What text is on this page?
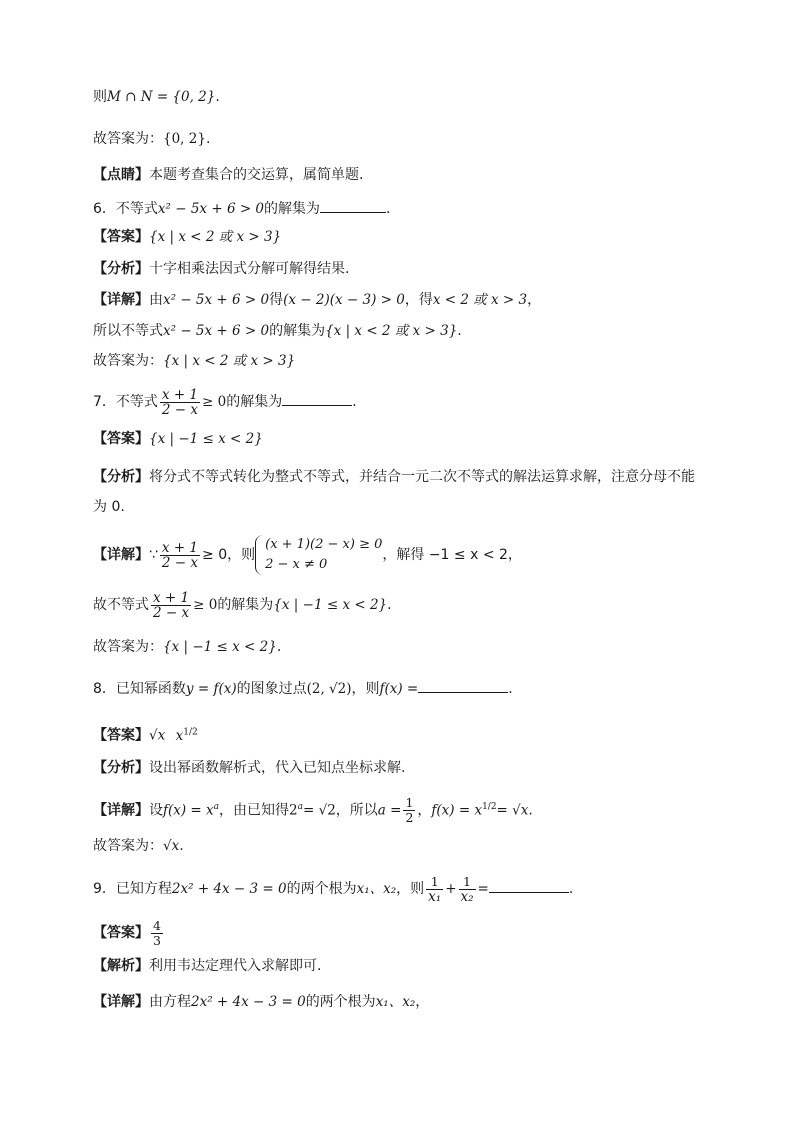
则M ∩ N = {0, 2}.
故答案为：{0, 2}.
【点睛】本题考查集合的交运算，属简单题.
6．不等式x² − 5x + 6 > 0的解集为	.
【答案】{x | x < 2 或 x > 3}
【分析】十字相乘法因式分解可解得结果.
【详解】由x² − 5x + 6 > 0得(x − 2)(x − 3) > 0，得x < 2 或 x > 3，
所以不等式x² − 5x + 6 > 0的解集为{x | x < 2 或 x > 3}.
故答案为：{x | x < 2 或 x > 3}
7．不等式 $\frac{x + 1}{2 - x} \ge 0$的解集为	.
【答案】{x | −1 ≤ x < 2}
【分析】将分式不等式转化为整式不等式，并结合一元二次不等式的解法运算求解，注意分母不能
为 0.
【详解】∵ $\frac{x + 1}{2 - x} \ge 0$，则
(x + 1)(2 − x) ≥ 0
2 − x ≠ 0
，解得 −1 ≤ x < 2，
故不等式 $\frac{x + 1}{2 - x} \ge 0$的解集为{x | −1 ≤ x < 2}.
故答案为：{x | −1 ≤ x < 2}.
8．已知幂函数y = f(x)的图象过点(2, √2)，则f(x) =	.
【答案】√x $x^{1/2}$
【分析】设出幂函数解析式，代入已知点坐标求解.
【详解】设$f(x) = x^a$，由已知得$2^a= √2$，所以$a = \frac{1}{2}$ ，$f(x) = x^{1/2}= √x$.
故答案为：√x.
9．已知方程2x² + 4x − 3 = 0的两个根为x₁、x₂，则 $\frac{1}{\text{x₁}} + \frac{1}{\text{x₂}}$ =	.
【答案】 $\frac{4}{3}$
【解析】利用韦达定理代入求解即可.
【详解】由方程2x² + 4x − 3 = 0的两个根为x₁、x₂，
